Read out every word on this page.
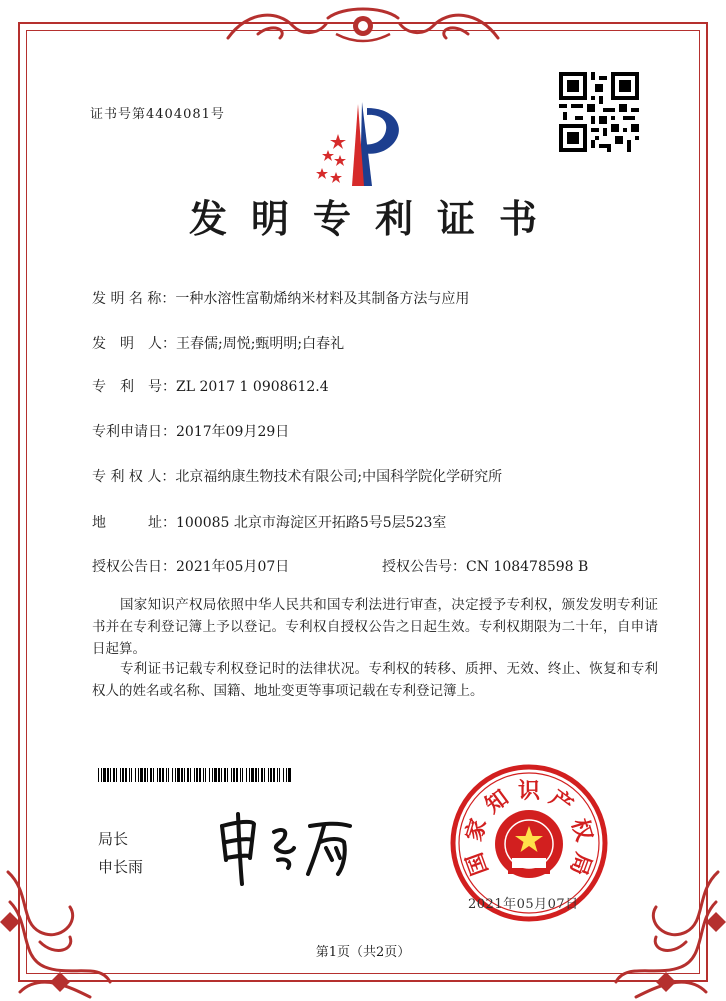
证书号第4404081号
发明专利证书
发 明 名 称：一种水溶性富勒烯纳米材料及其制备方法与应用
发　明　人：王春儒;周悦;甄明明;白春礼
专　利　号：ZL 2017 1 0908612.4
专利申请日：2017年09月29日
专 利 权 人：北京福纳康生物技术有限公司;中国科学院化学研究所
地　　　址：100085 北京市海淀区开拓路5号5层523室
授权公告日：2021年05月07日	授权公告号：CN 108478598 B
国家知识产权局依照中华人民共和国专利法进行审查，决定授予专利权，颁发发明专利证书并在专利登记簿上予以登记。专利权自授权公告之日起生效。专利权期限为二十年，自申请日起算。
专利证书记载专利权登记时的法律状况。专利权的转移、质押、无效、终止、恢复和专利权人的姓名或名称、国籍、地址变更等事项记载在专利登记簿上。
局长
申长雨	国
家
知 识 产
权
局
2021年05月07日
第1页（共2页）
